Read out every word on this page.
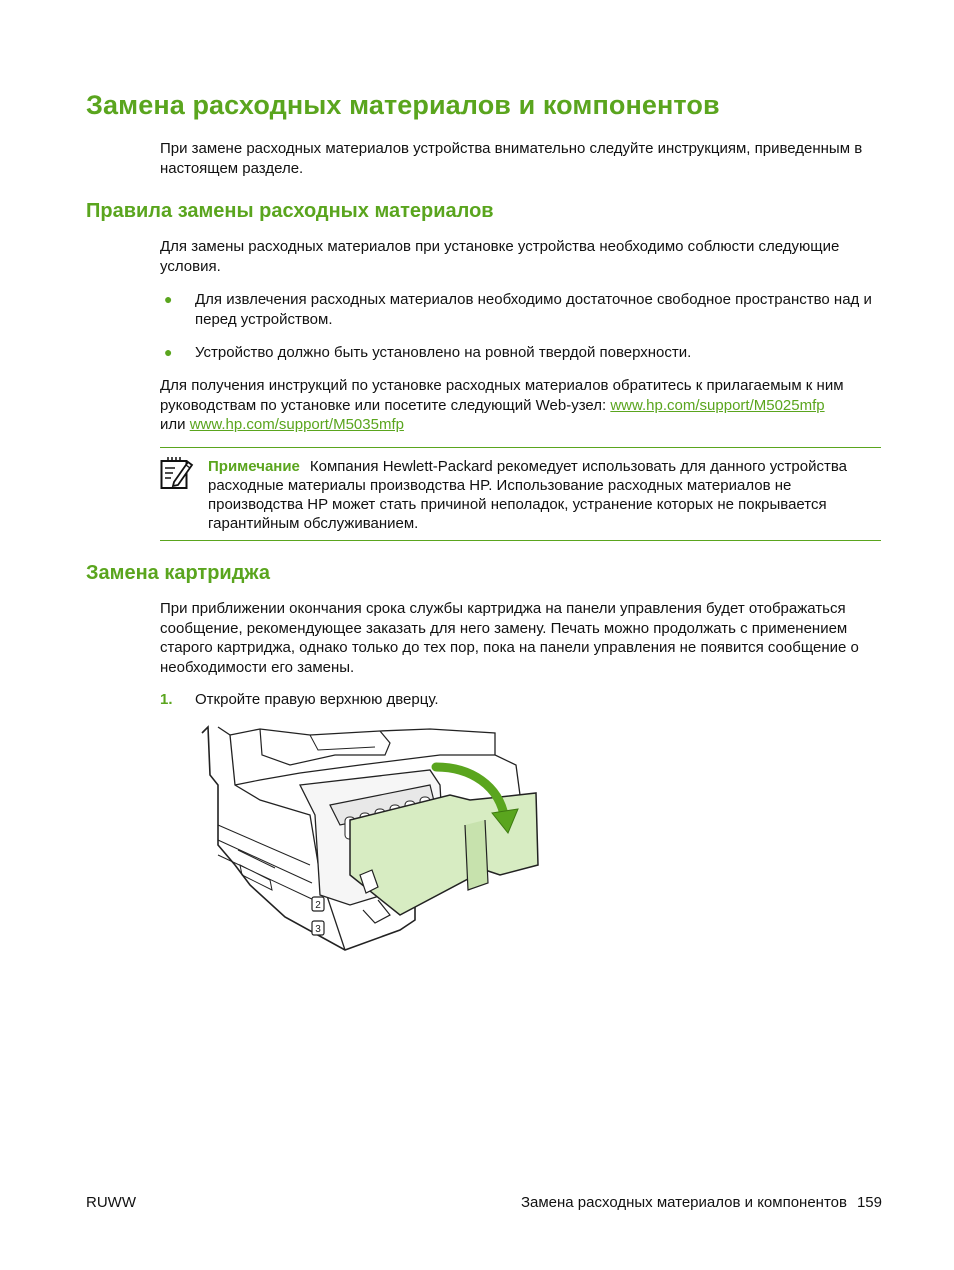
Замена расходных материалов и компонентов

При замене расходных материалов устройства внимательно следуйте инструкциям, приведенным в настоящем разделе.

Правила замены расходных материалов

Для замены расходных материалов при установке устройства необходимо соблюсти следующие условия.

● Для извлечения расходных материалов необходимо достаточное свободное пространство над и перед устройством.
● Устройство должно быть установлено на ровной твердой поверхности.

Для получения инструкций по установке расходных материалов обратитесь к прилагаемым к ним руководствам по установке или посетите следующий Web-узел: www.hp.com/support/M5025mfp
или www.hp.com/support/M5035mfp

Примечание Компания Hewlett-Packard рекомедует использовать для данного устройства расходные материалы производства HP. Использование расходных материалов не производства HP может стать причиной неполадок, устранение которых не покрывается гарантийным обслуживанием.
Замена картриджа

При приближении окончания срока службы картриджа на панели управления будет отображаться сообщение, рекомендующее заказать для него замену. Печать можно продолжать с применением старого картриджа, однако только до тех пор, пока на панели управления не появится сообщение о необходимости его замены.

1. Откройте правую верхнюю дверцу.
2
3
RUWW	Замена расходных материалов и компонентов 159
